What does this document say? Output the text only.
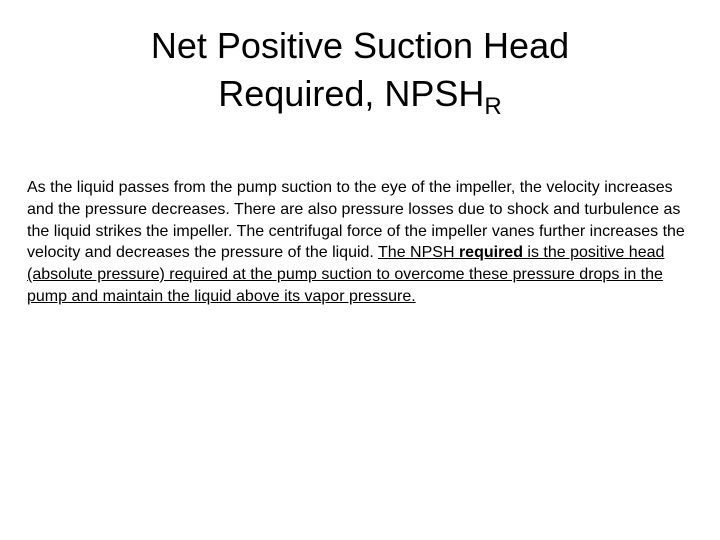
Net Positive Suction Head
Required, $NPSH_R$

As the liquid passes from the pump suction to the eye of the impeller, the velocity increases and the pressure decreases. There are also pressure losses due to shock and turbulence as the liquid strikes the impeller. The centrifugal force of the impeller vanes further increases the velocity and decreases the pressure of the liquid. The NPSH required is the positive head (absolute pressure) required at the pump suction to overcome these pressure drops in the pump and maintain the liquid above its vapor pressure.
